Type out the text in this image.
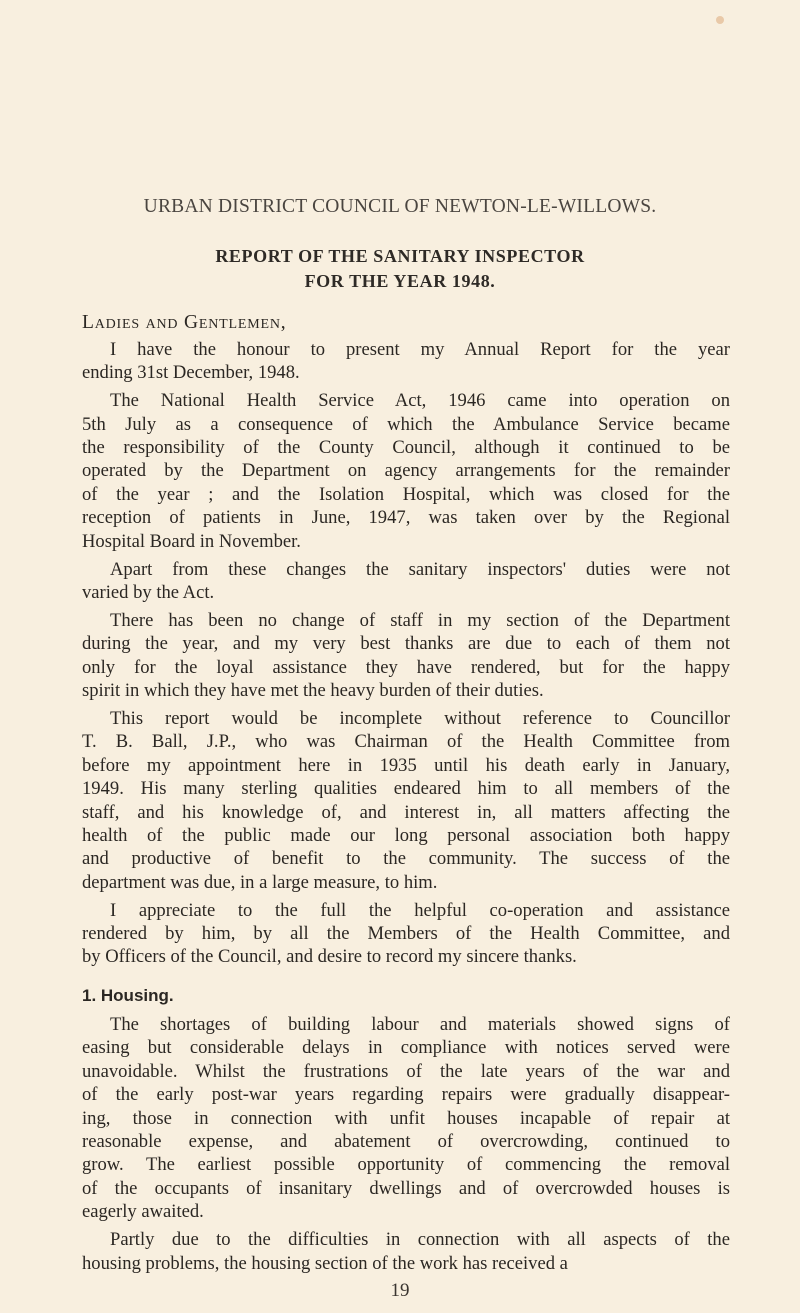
URBAN DISTRICT COUNCIL OF NEWTON-LE-WILLOWS.
REPORT OF THE SANITARY INSPECTOR
FOR THE YEAR 1948.
Ladies and Gentlemen,
I have the honour to present my Annual Report for the year
ending 31st December, 1948.
The National Health Service Act, 1946 came into operation on
5th July as a consequence of which the Ambulance Service became
the responsibility of the County Council, although it continued to be
operated by the Department on agency arrangements for the remainder
of the year ; and the Isolation Hospital, which was closed for the
reception of patients in June, 1947, was taken over by the Regional
Hospital Board in November.
Apart from these changes the sanitary inspectors' duties were not
varied by the Act.
There has been no change of staff in my section of the Department
during the year, and my very best thanks are due to each of them not
only for the loyal assistance they have rendered, but for the happy
spirit in which they have met the heavy burden of their duties.
This report would be incomplete without reference to Councillor
T. B. Ball, J.P., who was Chairman of the Health Committee from
before my appointment here in 1935 until his death early in January,
1949. His many sterling qualities endeared him to all members of the
staff, and his knowledge of, and interest in, all matters affecting the
health of the public made our long personal association both happy
and productive of benefit to the community. The success of the
department was due, in a large measure, to him.
I appreciate to the full the helpful co-operation and assistance
rendered by him, by all the Members of the Health Committee, and
by Officers of the Council, and desire to record my sincere thanks.
1. Housing.
The shortages of building labour and materials showed signs of
easing but considerable delays in compliance with notices served were
unavoidable. Whilst the frustrations of the late years of the war and
of the early post-war years regarding repairs were gradually disappear-
ing, those in connection with unfit houses incapable of repair at
reasonable expense, and abatement of overcrowding, continued to
grow. The earliest possible opportunity of commencing the removal
of the occupants of insanitary dwellings and of overcrowded houses is
eagerly awaited.
Partly due to the difficulties in connection with all aspects of the
housing problems, the housing section of the work has received a
19
